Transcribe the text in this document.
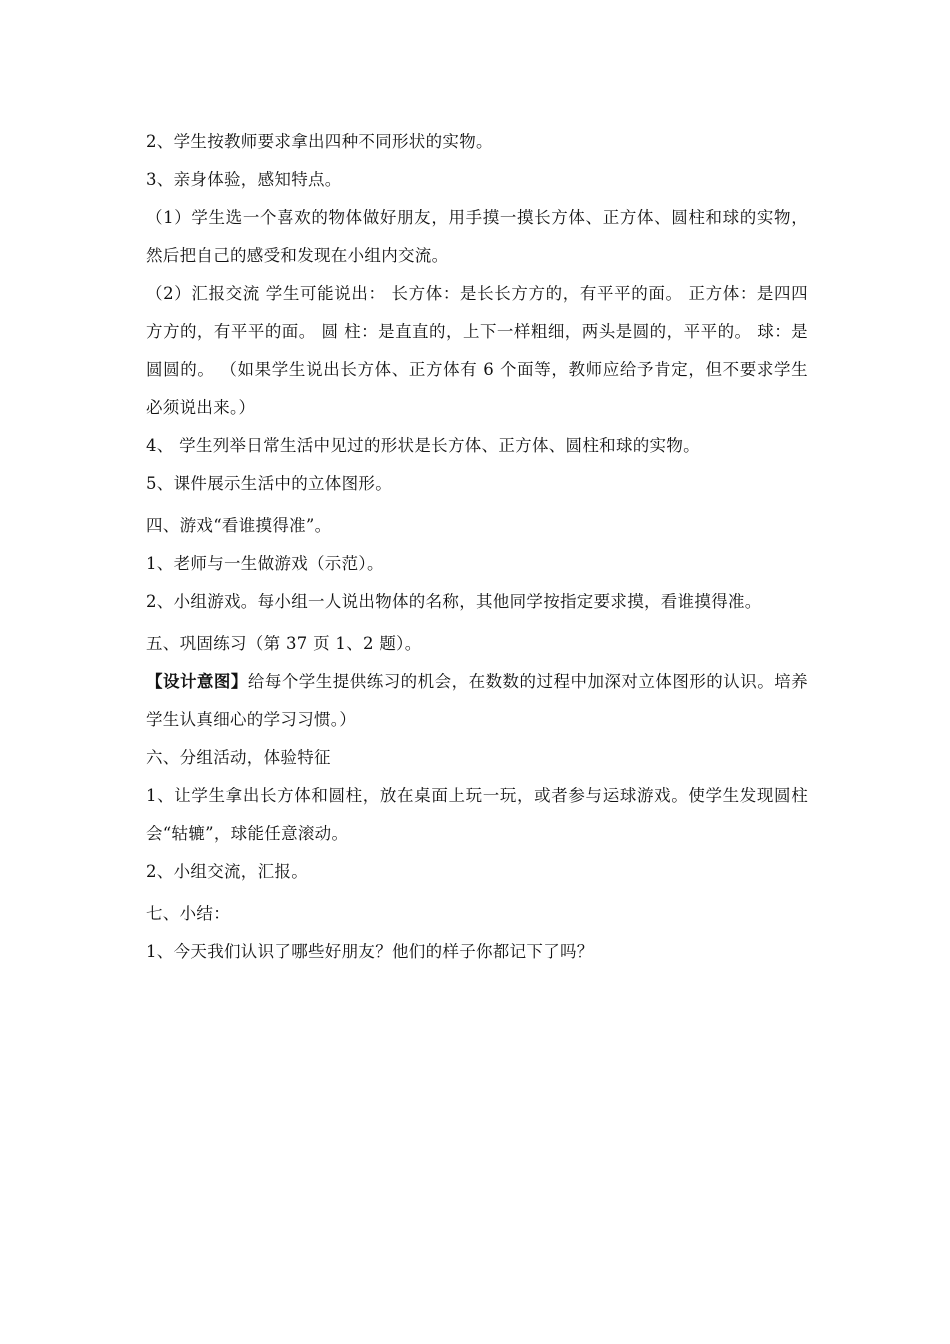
2、学生按教师要求拿出四种不同形状的实物。

3、亲身体验，感知特点。

（1）学生选一个喜欢的物体做好朋友，用手摸一摸长方体、正方体、圆柱和球的实物，然后把自己的感受和发现在小组内交流。

（2）汇报交流 学生可能说出： 长方体：是长长方方的，有平平的面。 正方体：是四四方方的，有平平的面。 圆 柱：是直直的，上下一样粗细，两头是圆的，平平的。 球：是圆圆的。 （如果学生说出长方体、正方体有 6 个面等，教师应给予肯定，但不要求学生必须说出来。）

4、 学生列举日常生活中见过的形状是长方体、正方体、圆柱和球的实物。

5、课件展示生活中的立体图形。

四、游戏“看谁摸得准”。

1、老师与一生做游戏（示范）。

2、小组游戏。每小组一人说出物体的名称，其他同学按指定要求摸，看谁摸得准。

五、巩固练习（第 37 页 1、2 题）。

【设计意图】给每个学生提供练习的机会，在数数的过程中加深对立体图形的认识。培养学生认真细心的学习习惯。）

六、分组活动，体验特征

1、让学生拿出长方体和圆柱，放在桌面上玩一玩，或者参与运球游戏。使学生发现圆柱会“轱辘”，球能任意滚动。

2、小组交流，汇报。

七、小结：

1、今天我们认识了哪些好朋友？他们的样子你都记下了吗？
